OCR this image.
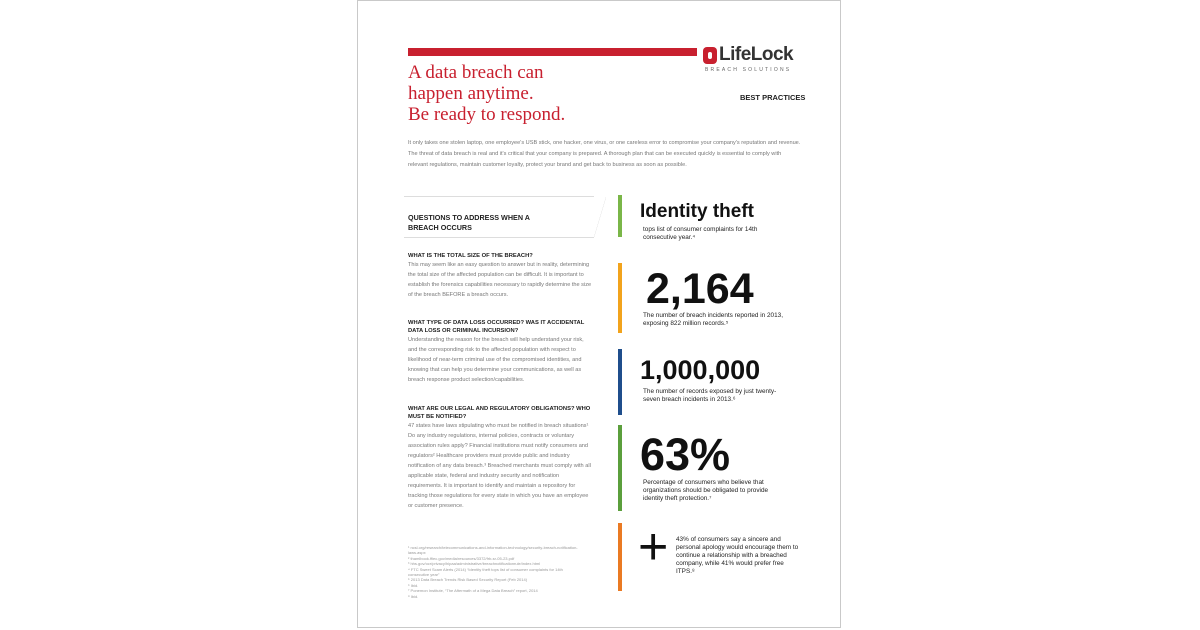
A data breach can
happen anytime.
Be ready to respond.
LifeLock
BREACH SOLUTIONS
BEST PRACTICES

It only takes one stolen laptop, one employee's USB stick, one hacker, one virus, or one careless error to compromise your company's reputation and revenue. The threat of data breach is real and it's critical that your company is prepared. A thorough plan that can be executed quickly is essential to comply with relevant regulations, maintain customer loyalty, protect your brand and get back to business as soon as possible.

QUESTIONS TO ADDRESS WHEN A BREACH OCCURS

WHAT IS THE TOTAL SIZE OF THE BREACH?

This may seem like an easy question to answer but in reality, determining the total size of the affected population can be difficult. It is important to establish the forensics capabilities necessary to rapidly determine the size of the breach BEFORE a breach occurs.

WHAT TYPE OF DATA LOSS OCCURRED? WAS IT ACCIDENTAL DATA LOSS OR CRIMINAL INCURSION?

Understanding the reason for the breach will help understand your risk, and the corresponding risk to the affected population with respect to likelihood of near-term criminal use of the compromised identities, and knowing that can help you determine your communications, as well as breach response product selection/capabilities.

WHAT ARE OUR LEGAL AND REGULATORY OBLIGATIONS? WHO MUST BE NOTIFIED?

47 states have laws stipulating who must be notified in breach situations¹ Do any industry regulations, internal policies, contracts or voluntary association rules apply? Financial institutions must notify consumers and regulators² Healthcare providers must provide public and industry notification of any data breach.³ Breached merchants must comply with all applicable state, federal and industry security and notification requirements. It is important to identify and maintain a repository for tracking those regulations for every state in which you have an employee or customer presence.

¹ ncsl.org/research/telecommunications-and-information-technology/security-breach-notification-laws.aspx
² thamlbook.ffiec.gov/media/resources/3372/frb-sr-05-23.pdf
³ hhs.gov/ocr/privacy/hipaa/administrative/breachnotificationrule/index.html
⁴ FTC Sweet Scam Alerts (2014) “Identity theft tops list of consumer complaints for 14th consecutive year”
⁵ 2013 Data Breach Trends Risk Based Security Report (Feb 2014)
⁶ Ibid.
⁷ Ponemon Institute, “The Aftermath of a Mega Data Breach” report, 2014
⁸ Ibid.
Identity theft
tops list of consumer complaints for 14th consecutive year.⁴
2,164
The number of breach incidents reported in 2013, exposing 822 million records.⁵
1,000,000
The number of records exposed by just twenty-seven breach incidents in 2013.⁶
63%
Percentage of consumers who believe that organizations should be obligated to provide identity theft protection.⁷
+ 43% of consumers say a sincere and personal apology would encourage them to continue a relationship with a breached company, while 41% would prefer free ITPS.⁸
